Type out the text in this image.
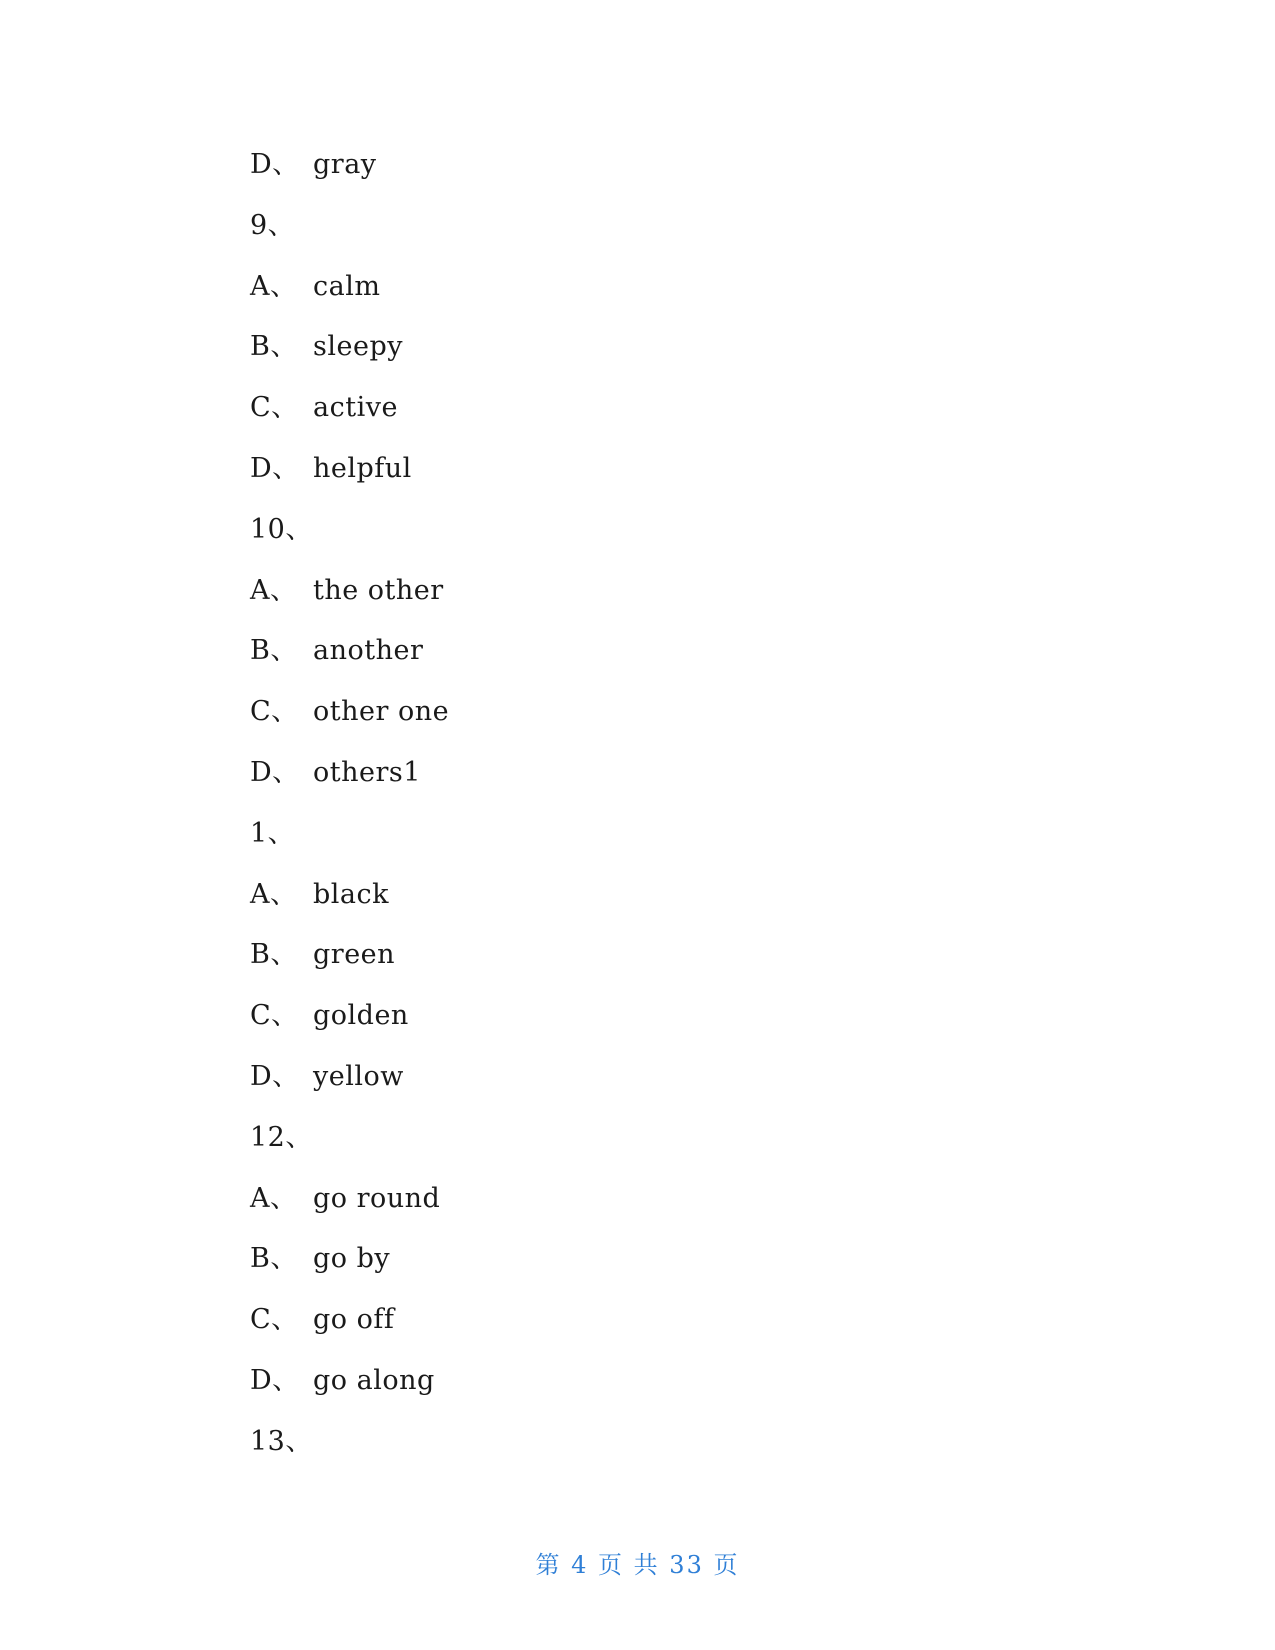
D、 gray
9、
A、 calm
B、 sleepy
C、 active
D、 helpful
10、
A、 the other
B、 another
C、 other one
D、 others1
1、
A、 black
B、 green
C、 golden
D、 yellow
12、
A、 go round
B、 go by
C、 go off
D、 go along
13、
第 4 页 共 33 页
